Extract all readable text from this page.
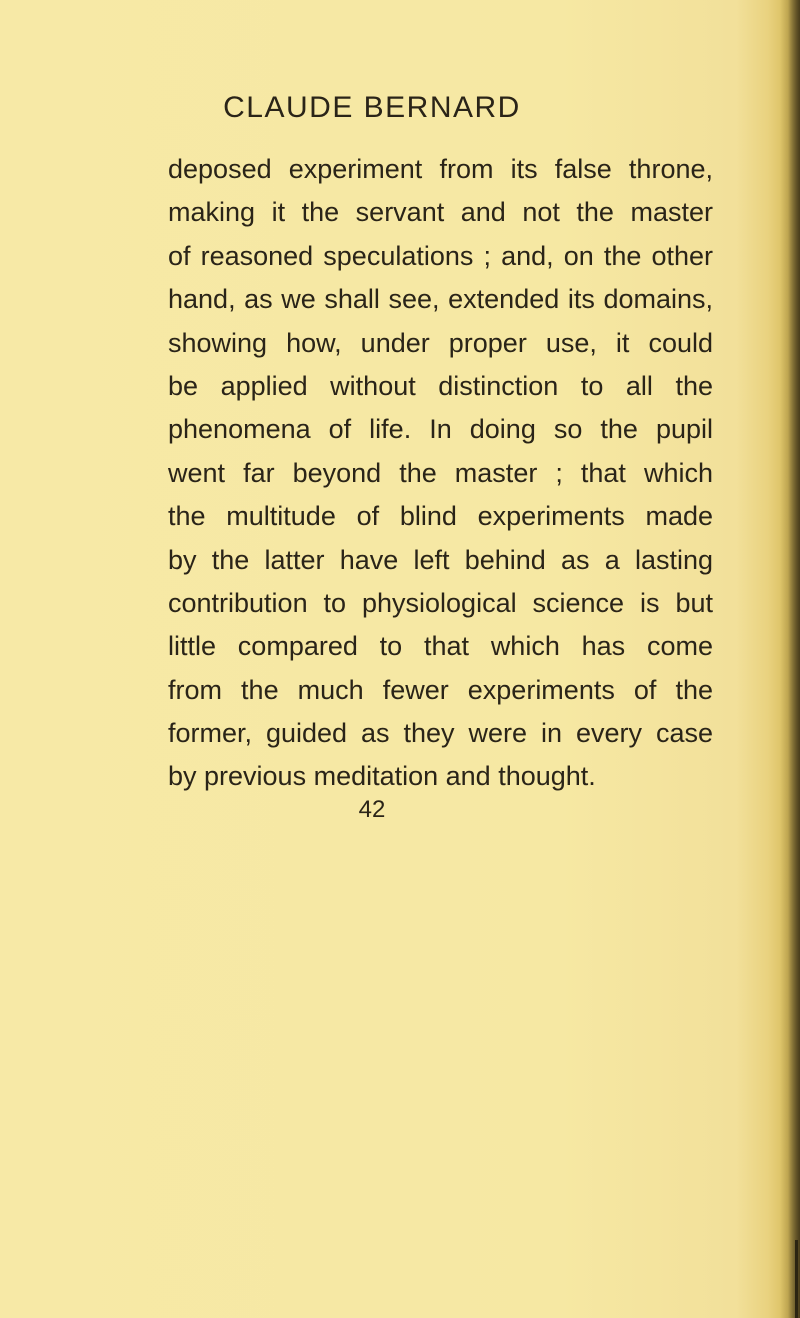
CLAUDE BERNARD
deposed experiment from its false throne,
making it the servant and not the master
of reasoned speculations ; and, on the other
hand, as we shall see, extended its domains,
showing how, under proper use, it could
be applied without distinction to all the
phenomena of life. In doing so the pupil
went far beyond the master ; that which
the multitude of blind experiments made
by the latter have left behind as a lasting
contribution to physiological science is but
little compared to that which has come
from the much fewer experiments of the
former, guided as they were in every case
by previous meditation and thought.
42
